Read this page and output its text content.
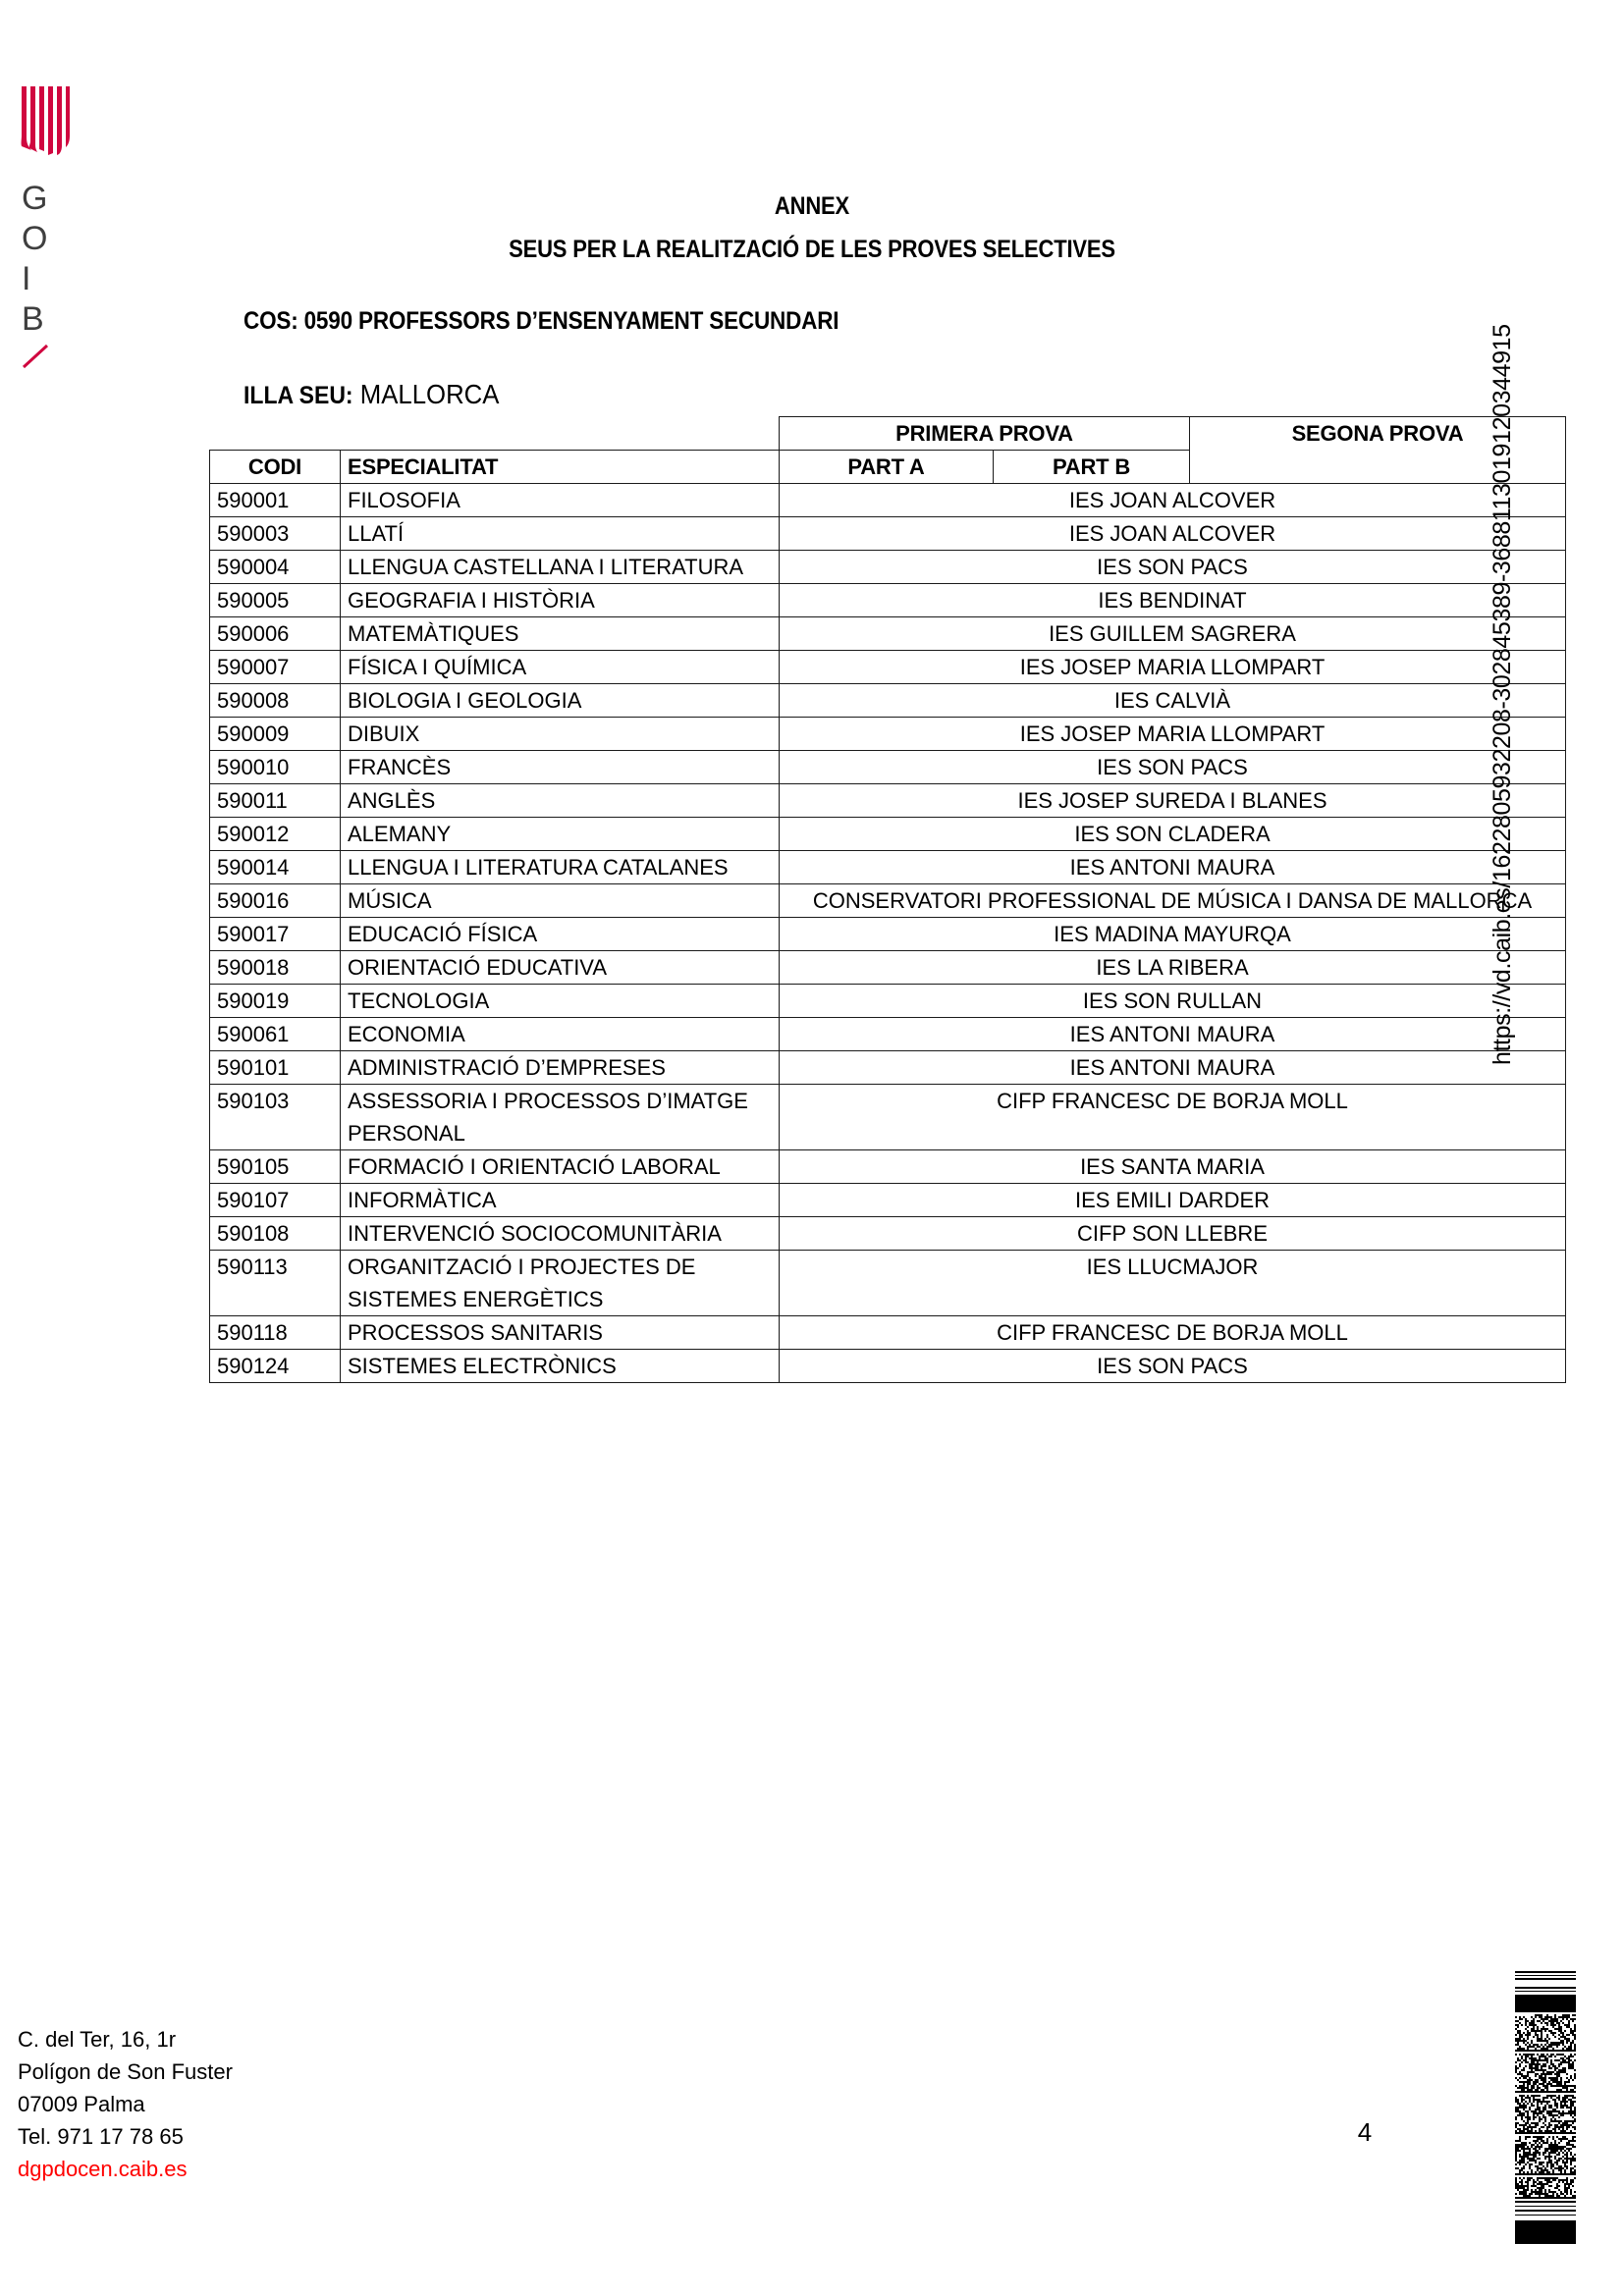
G
O
I
B
ANNEX
SEUS PER LA REALITZACIÓ DE LES PROVES SELECTIVES
COS: 0590 PROFESSORS D’ENSENYAMENT SECUNDARI
ILLA SEU: MALLORCA
		PRIMERA PROVA		SEGONA PROVA
CODI	ESPECIALITAT	PART A	PART B	
590001	FILOSOFIA	IES JOAN ALCOVER		
590003	LLATÍ	IES JOAN ALCOVER		
590004	LLENGUA CASTELLANA I LITERATURA	IES SON PACS		
590005	GEOGRAFIA I HISTÒRIA	IES BENDINAT		
590006	MATEMÀTIQUES	IES GUILLEM SAGRERA		
590007	FÍSICA I QUÍMICA	IES JOSEP MARIA LLOMPART		
590008	BIOLOGIA I GEOLOGIA	IES CALVIÀ		
590009	DIBUIX	IES JOSEP MARIA LLOMPART		
590010	FRANCÈS	IES SON PACS		
590011	ANGLÈS	IES JOSEP SUREDA I BLANES		
590012	ALEMANY	IES SON CLADERA		
590014	LLENGUA I LITERATURA CATALANES	IES ANTONI MAURA		
590016	MÚSICA	CONSERVATORI PROFESSIONAL DE MÚSICA I DANSA DE MALLORCA		
590017	EDUCACIÓ FÍSICA	IES MADINA MAYURQA		
590018	ORIENTACIÓ EDUCATIVA	IES LA RIBERA		
590019	TECNOLOGIA	IES SON RULLAN		
590061	ECONOMIA	IES ANTONI MAURA		
590101	ADMINISTRACIÓ D’EMPRESES	IES ANTONI MAURA		
590103	ASSESSORIA I PROCESSOS D’IMATGE PERSONAL	CIFP FRANCESC DE BORJA MOLL		
590105	FORMACIÓ I ORIENTACIÓ LABORAL	IES SANTA MARIA		
590107	INFORMÀTICA	IES EMILI DARDER		
590108	INTERVENCIÓ SOCIOCOMUNITÀRIA	CIFP SON LLEBRE		
590113	ORGANITZACIÓ I PROJECTES DE SISTEMES ENERGÈTICS	IES LLUCMAJOR		
590118	PROCESSOS SANITARIS	CIFP FRANCESC DE BORJA MOLL		
590124	SISTEMES ELECTRÒNICS	IES SON PACS		
https://vd.caib.es/1622805932208-302845389-3688113019120344915
C. del Ter, 16, 1r
Polígon de Son Fuster
07009 Palma
Tel. 971 17 78 65
dgpdocen.caib.es
4
